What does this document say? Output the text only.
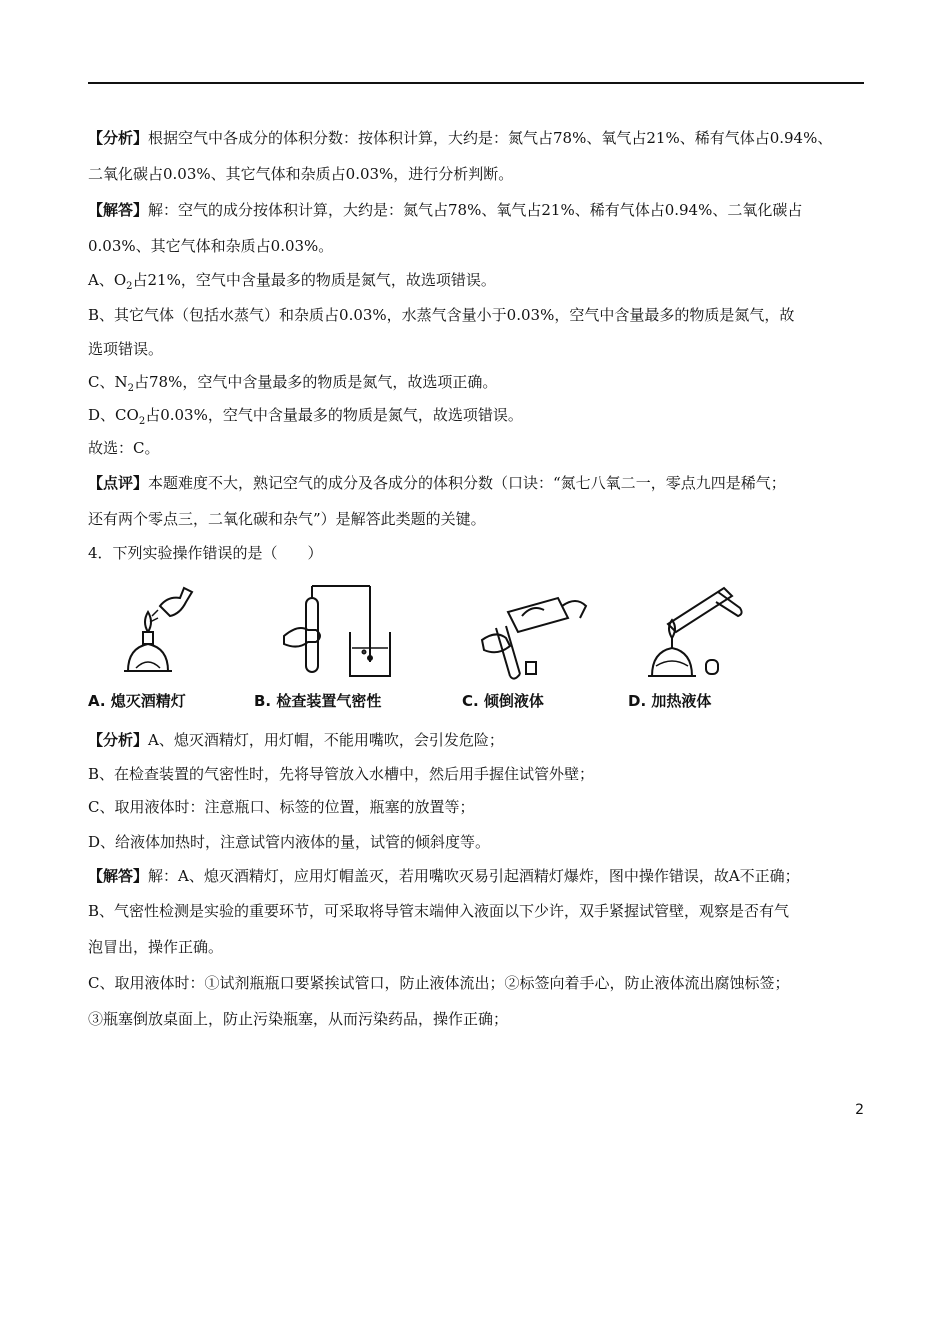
【分析】根据空气中各成分的体积分数：按体积计算，大约是：氮气占78%、氧气占21%、稀有气体占0.94%、
二氧化碳占0.03%、其它气体和杂质占0.03%，进行分析判断。
【解答】解：空气的成分按体积计算，大约是：氮气占78%、氧气占21%、稀有气体占0.94%、二氧化碳占
0.03%、其它气体和杂质占0.03%。
A、$O_2$占21%，空气中含量最多的物质是氮气，故选项错误。
B、其它气体（包括水蒸气）和杂质占0.03%，水蒸气含量小于0.03%，空气中含量最多的物质是氮气，故
选项错误。
C、$N_2$占78%，空气中含量最多的物质是氮气，故选项正确。
D、$CO_2$占0.03%，空气中含量最多的物质是氮气，故选项错误。
故选：C。
【点评】本题难度不大，熟记空气的成分及各成分的体积分数（口诀：“氮七八氧二一，零点九四是稀气；
还有两个零点三，二氧化碳和杂气”）是解答此类题的关键。
4．下列实验操作错误的是（　　）
A. 熄灭酒精灯	B. 检查装置气密性	C. 倾倒液体	D. 加热液体
【分析】A、熄灭酒精灯，用灯帽，不能用嘴吹，会引发危险；
B、在检查装置的气密性时，先将导管放入水槽中，然后用手握住试管外壁；
C、取用液体时：注意瓶口、标签的位置，瓶塞的放置等；
D、给液体加热时，注意试管内液体的量，试管的倾斜度等。
【解答】解：A、熄灭酒精灯，应用灯帽盖灭，若用嘴吹灭易引起酒精灯爆炸，图中操作错误，故A不正确；
B、气密性检测是实验的重要环节，可采取将导管末端伸入液面以下少许，双手紧握试管壁，观察是否有气
泡冒出，操作正确。
C、取用液体时：①试剂瓶瓶口要紧挨试管口，防止液体流出；②标签向着手心，防止液体流出腐蚀标签；
③瓶塞倒放桌面上，防止污染瓶塞，从而污染药品，操作正确；
2
